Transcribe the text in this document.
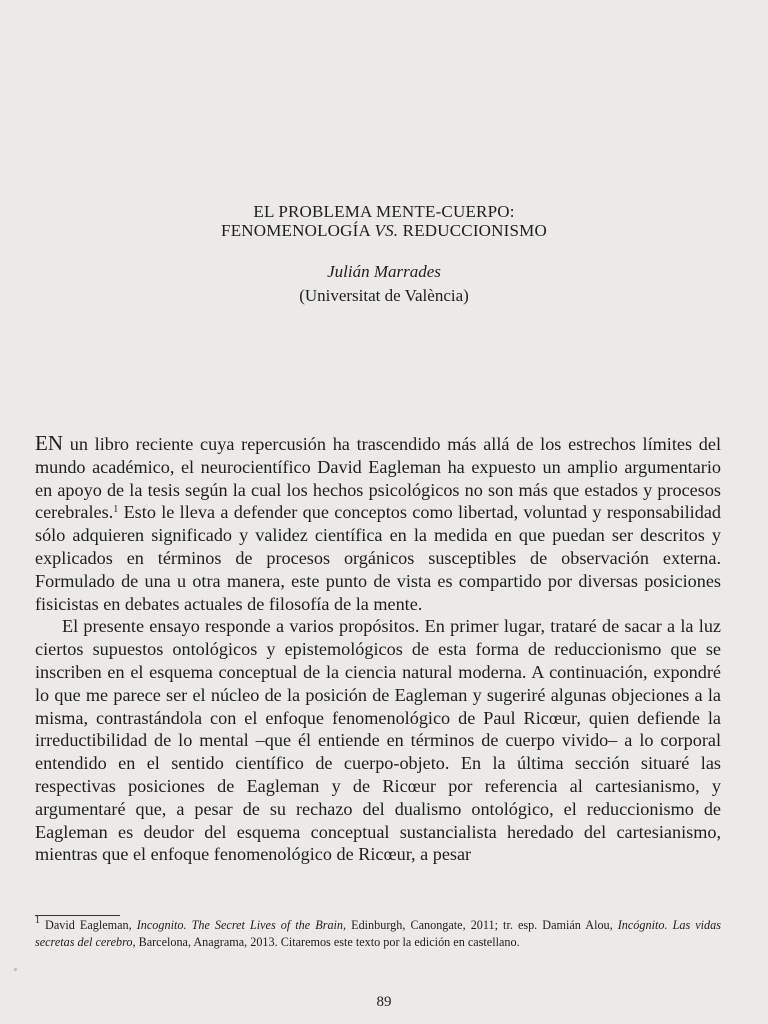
EL PROBLEMA MENTE-CUERPO:
FENOMENOLOGÍA VS. REDUCCIONISMO
Julián Marrades
(Universitat de València)

EN un libro reciente cuya repercusión ha trascendido más allá de los estrechos límites del mundo académico, el neurocientífico David Eagleman ha expuesto un amplio argumentario en apoyo de la tesis según la cual los hechos psicológicos no son más que estados y procesos cerebrales.$^1$ Esto le lleva a defender que conceptos como libertad, voluntad y responsabilidad sólo adquieren significado y validez científica en la medida en que puedan ser descritos y explicados en términos de procesos orgánicos susceptibles de observación externa. Formulado de una u otra manera, este punto de vista es compartido por diversas posiciones fisicistas en debates actuales de filosofía de la mente.

El presente ensayo responde a varios propósitos. En primer lugar, trataré de sacar a la luz ciertos supuestos ontológicos y epistemológicos de esta forma de reduccionismo que se inscriben en el esquema conceptual de la ciencia natural moderna. A continuación, expondré lo que me parece ser el núcleo de la posición de Eagleman y sugeriré algunas objeciones a la misma, contrastándola con el enfoque fenomenológico de Paul Ricœur, quien defiende la irreductibilidad de lo mental –que él entiende en términos de cuerpo vivido– a lo corporal entendido en el sentido científico de cuerpo-objeto. En la última sección situaré las respectivas posiciones de Eagleman y de Ricœur por referencia al cartesianismo, y argumentaré que, a pesar de su rechazo del dualismo ontológico, el reduccionismo de Eagleman es deudor del esquema conceptual sustancialista heredado del cartesianismo, mientras que el enfoque fenomenológico de Ricœur, a pesar

$^1$ David Eagleman, Incognito. The Secret Lives of the Brain, Edinburgh, Canongate, 2011; tr. esp. Damián Alou, Incógnito. Las vidas secretas del cerebro, Barcelona, Anagrama, 2013. Citaremos este texto por la edición en castellano.
89
